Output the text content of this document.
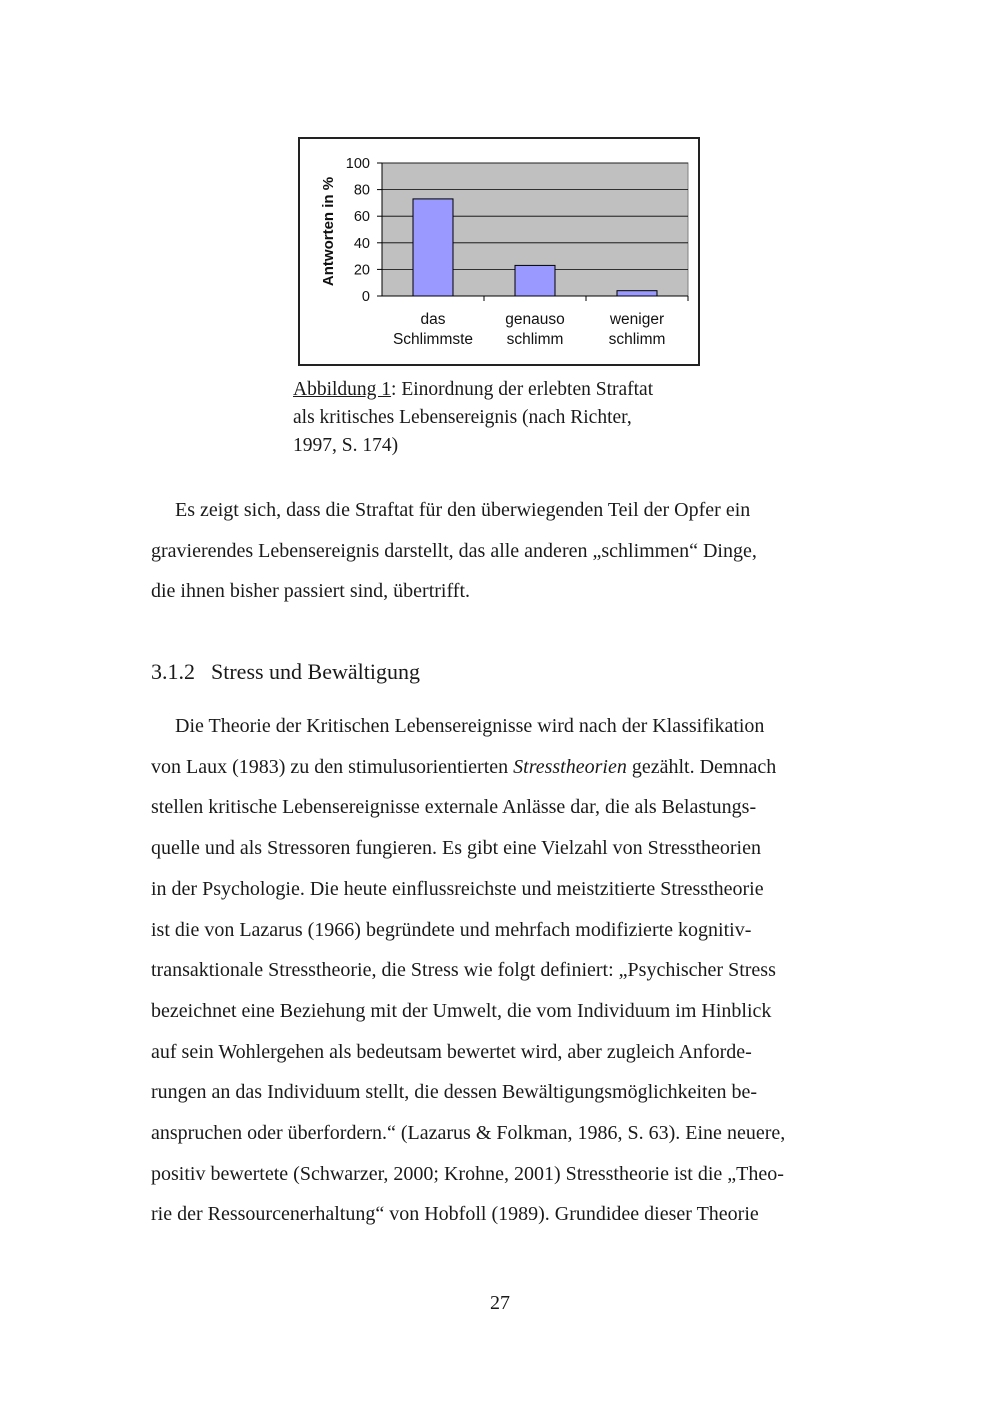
100
80
60
40
20
0
das
Schlimmste
genauso
schlimm
weniger
schlimm
Antworten in %
Abbildung 1: Einordnung der erlebten Straftat
als kritisches Lebensereignis (nach Richter,
1997, S. 174)

Es zeigt sich, dass die Straftat für den überwiegenden Teil der Opfer ein
gravierendes Lebensereignis darstellt, das alle anderen „schlimmen“ Dinge,
die ihnen bisher passiert sind, übertrifft.

3.1.2 Stress und Bewältigung

Die Theorie der Kritischen Lebensereignisse wird nach der Klassifikation
von Laux (1983) zu den stimulusorientierten Stresstheorien gezählt. Demnach
stellen kritische Lebensereignisse externale Anlässe dar, die als Belastungs-
quelle und als Stressoren fungieren. Es gibt eine Vielzahl von Stresstheorien
in der Psychologie. Die heute einflussreichste und meistzitierte Stresstheorie
ist die von Lazarus (1966) begründete und mehrfach modifizierte kognitiv-
transaktionale Stresstheorie, die Stress wie folgt definiert: „Psychischer Stress
bezeichnet eine Beziehung mit der Umwelt, die vom Individuum im Hinblick
auf sein Wohlergehen als bedeutsam bewertet wird, aber zugleich Anforde-
rungen an das Individuum stellt, die dessen Bewältigungsmöglichkeiten be-
anspruchen oder überfordern.“ (Lazarus & Folkman, 1986, S. 63). Eine neuere,
positiv bewertete (Schwarzer, 2000; Krohne, 2001) Stresstheorie ist die „Theo-
rie der Ressourcenerhaltung“ von Hobfoll (1989). Grundidee dieser Theorie

27
